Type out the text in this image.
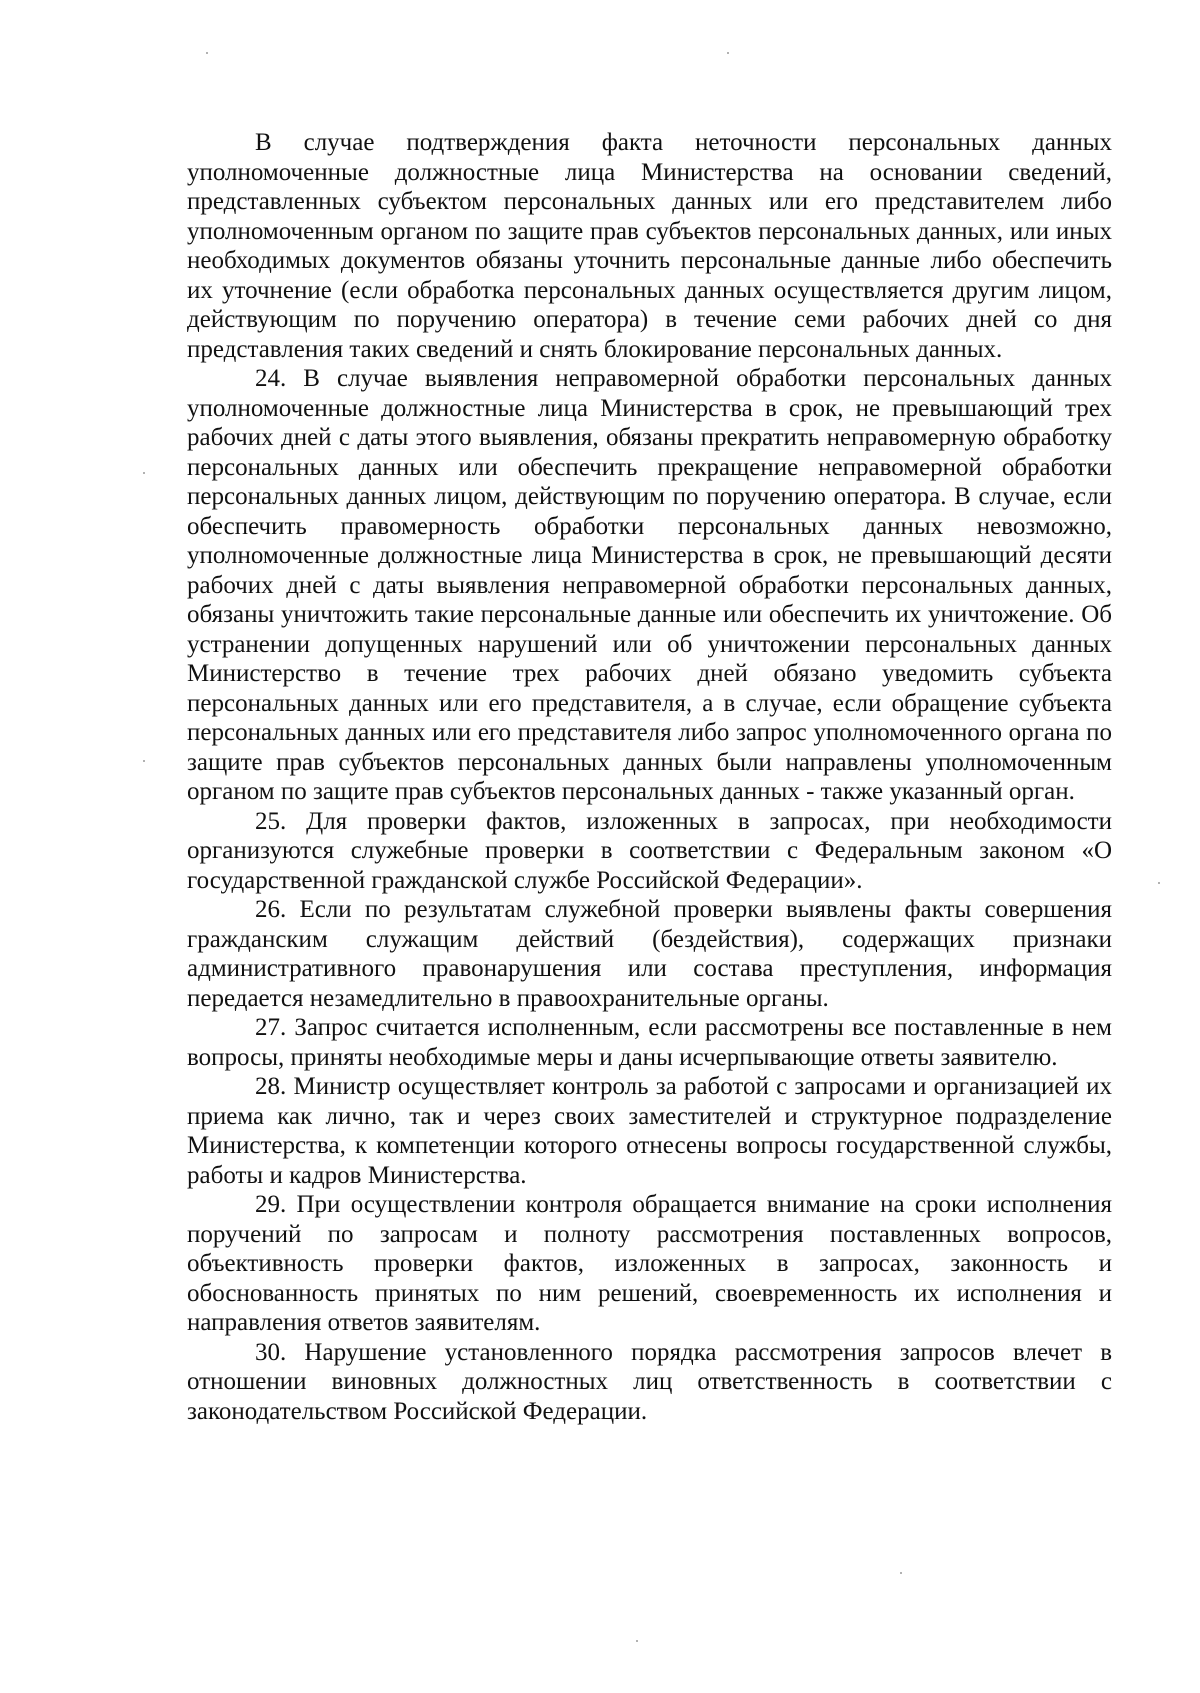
В случае подтверждения факта неточности персональных данных уполномоченные должностные лица Министерства на основании сведений, представленных субъектом персональных данных или его представителем либо уполномоченным органом по защите прав субъектов персональных данных, или иных необходимых документов обязаны уточнить персональные данные либо обеспечить их уточнение (если обработка персональных данных осуществляется другим лицом, действующим по поручению оператора) в течение семи рабочих дней со дня представления таких сведений и снять блокирование персональных данных.

24. В случае выявления неправомерной обработки персональных данных уполномоченные должностные лица Министерства в срок, не превышающий трех рабочих дней с даты этого выявления, обязаны прекратить неправомерную обработку персональных данных или обеспечить прекращение неправомерной обработки персональных данных лицом, действующим по поручению оператора. В случае, если обеспечить правомерность обработки персональных данных невозможно, уполномоченные должностные лица Министерства в срок, не превышающий десяти рабочих дней с даты выявления неправомерной обработки персональных данных, обязаны уничтожить такие персональные данные или обеспечить их уничтожение. Об устранении допущенных нарушений или об уничтожении персональных данных Министерство в течение трех рабочих дней обязано уведомить субъекта персональных данных или его представителя, а в случае, если обращение субъекта персональных данных или его представителя либо запрос уполномоченного органа по защите прав субъектов персональных данных были направлены уполномоченным органом по защите прав субъектов персональных данных - также указанный орган.

25. Для проверки фактов, изложенных в запросах, при необходимости организуются служебные проверки в соответствии с Федеральным законом «О государственной гражданской службе Российской Федерации».

26. Если по результатам служебной проверки выявлены факты совершения гражданским служащим действий (бездействия), содержащих признаки административного правонарушения или состава преступления, информация передается незамедлительно в правоохранительные органы.

27. Запрос считается исполненным, если рассмотрены все поставленные в нем вопросы, приняты необходимые меры и даны исчерпывающие ответы заявителю.

28. Министр осуществляет контроль за работой с запросами и организацией их приема как лично, так и через своих заместителей и структурное подразделение Министерства, к компетенции которого отнесены вопросы государственной службы, работы и кадров Министерства.

29. При осуществлении контроля обращается внимание на сроки исполнения поручений по запросам и полноту рассмотрения поставленных вопросов, объективность проверки фактов, изложенных в запросах, законность и обоснованность принятых по ним решений, своевременность их исполнения и направления ответов заявителям.

30. Нарушение установленного порядка рассмотрения запросов влечет в отношении виновных должностных лиц ответственность в соответствии с законодательством Российской Федерации.
